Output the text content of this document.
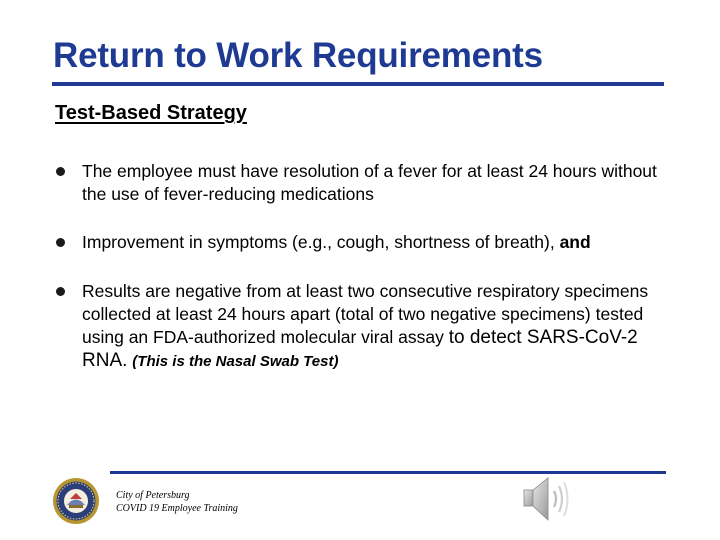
Return to Work Requirements
Test-Based Strategy
The employee must have resolution of a fever for at least 24 hours without the use of fever-reducing medications
Improvement in symptoms (e.g., cough, shortness of breath), and
Results are negative from at least two consecutive respiratory specimens collected at least 24 hours apart (total of two negative specimens) tested using an FDA-authorized molecular viral assay to detect SARS-CoV-2 RNA. (This is the Nasal Swab Test)
City of Petersburg
COVID 19 Employee Training
